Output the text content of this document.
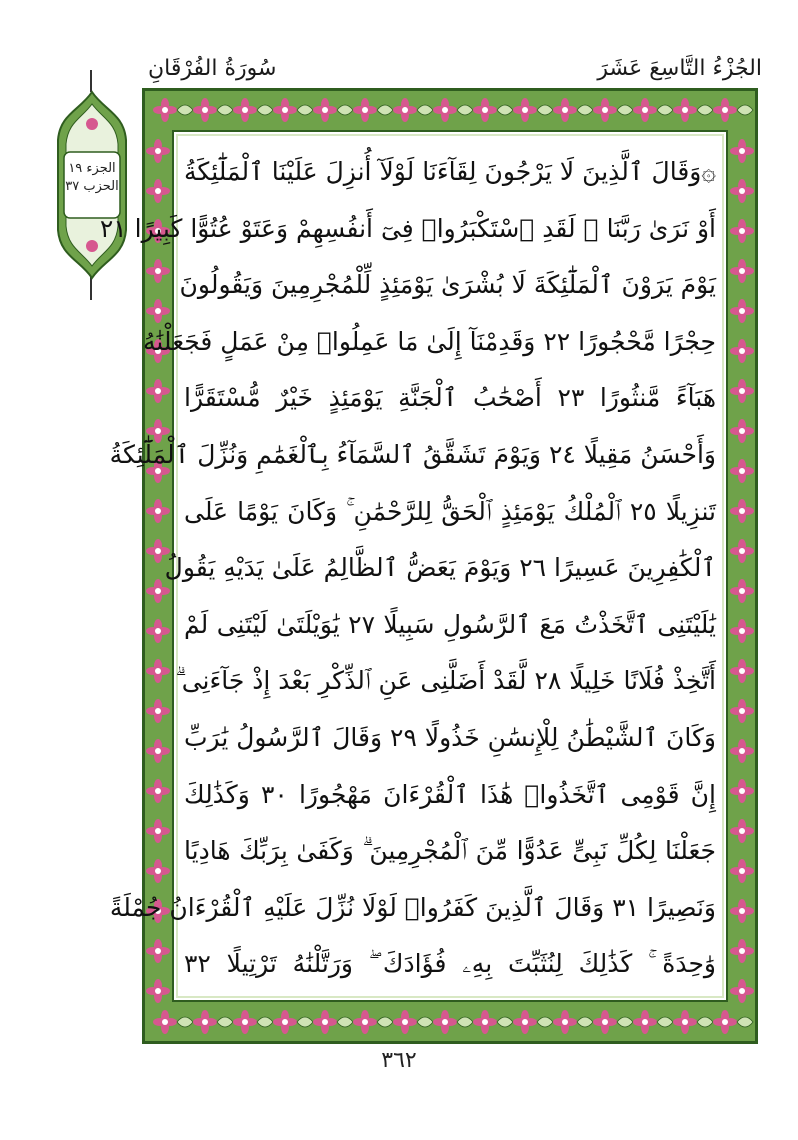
الجُزْءُ التَّاسِعَ عَشَرَ
سُورَةُ الفُرْقَانِ
الجزء ١٩
الحزب ٣٧
۞وَقَالَ ٱلَّذِينَ لَا يَرْجُونَ لِقَآءَنَا لَوْلَآ أُنزِلَ عَلَيْنَا ٱلْمَلَٰٓئِكَةُ
أَوْ نَرَىٰ رَبَّنَا ۗ لَقَدِ ٱسْتَكْبَرُوا۟ فِىٓ أَنفُسِهِمْ وَعَتَوْ عُتُوًّا كَبِيرًا ٢١
يَوْمَ يَرَوْنَ ٱلْمَلَٰٓئِكَةَ لَا بُشْرَىٰ يَوْمَئِذٍ لِّلْمُجْرِمِينَ وَيَقُولُونَ
حِجْرًا مَّحْجُورًا ٢٢ وَقَدِمْنَآ إِلَىٰ مَا عَمِلُوا۟ مِنْ عَمَلٍ فَجَعَلْنَٰهُ
هَبَآءً مَّنثُورًا ٢٣ أَصْحَٰبُ ٱلْجَنَّةِ يَوْمَئِذٍ خَيْرٌ مُّسْتَقَرًّا
وَأَحْسَنُ مَقِيلًا ٢٤ وَيَوْمَ تَشَقَّقُ ٱلسَّمَآءُ بِٱلْغَمَٰمِ وَنُزِّلَ ٱلْمَلَٰٓئِكَةُ
تَنزِيلًا ٢٥ ٱلْمُلْكُ يَوْمَئِذٍ ٱلْحَقُّ لِلرَّحْمَٰنِ ۚ وَكَانَ يَوْمًا عَلَى
ٱلْكَٰفِرِينَ عَسِيرًا ٢٦ وَيَوْمَ يَعَضُّ ٱلظَّالِمُ عَلَىٰ يَدَيْهِ يَقُولُ
يَٰلَيْتَنِى ٱتَّخَذْتُ مَعَ ٱلرَّسُولِ سَبِيلًا ٢٧ يَٰوَيْلَتَىٰ لَيْتَنِى لَمْ
أَتَّخِذْ فُلَانًا خَلِيلًا ٢٨ لَّقَدْ أَضَلَّنِى عَنِ ٱلذِّكْرِ بَعْدَ إِذْ جَآءَنِى ۗ
وَكَانَ ٱلشَّيْطَٰنُ لِلْإِنسَٰنِ خَذُولًا ٢٩ وَقَالَ ٱلرَّسُولُ يَٰرَبِّ
إِنَّ قَوْمِى ٱتَّخَذُوا۟ هَٰذَا ٱلْقُرْءَانَ مَهْجُورًا ٣٠ وَكَذَٰلِكَ
جَعَلْنَا لِكُلِّ نَبِىٍّ عَدُوًّا مِّنَ ٱلْمُجْرِمِينَ ۗ وَكَفَىٰ بِرَبِّكَ هَادِيًا
وَنَصِيرًا ٣١ وَقَالَ ٱلَّذِينَ كَفَرُوا۟ لَوْلَا نُزِّلَ عَلَيْهِ ٱلْقُرْءَانُ جُمْلَةً
وَٰحِدَةً ۚ كَذَٰلِكَ لِنُثَبِّتَ بِهِۦ فُؤَادَكَ ۖ وَرَتَّلْنَٰهُ تَرْتِيلًا ٣٢
٣٦٢
